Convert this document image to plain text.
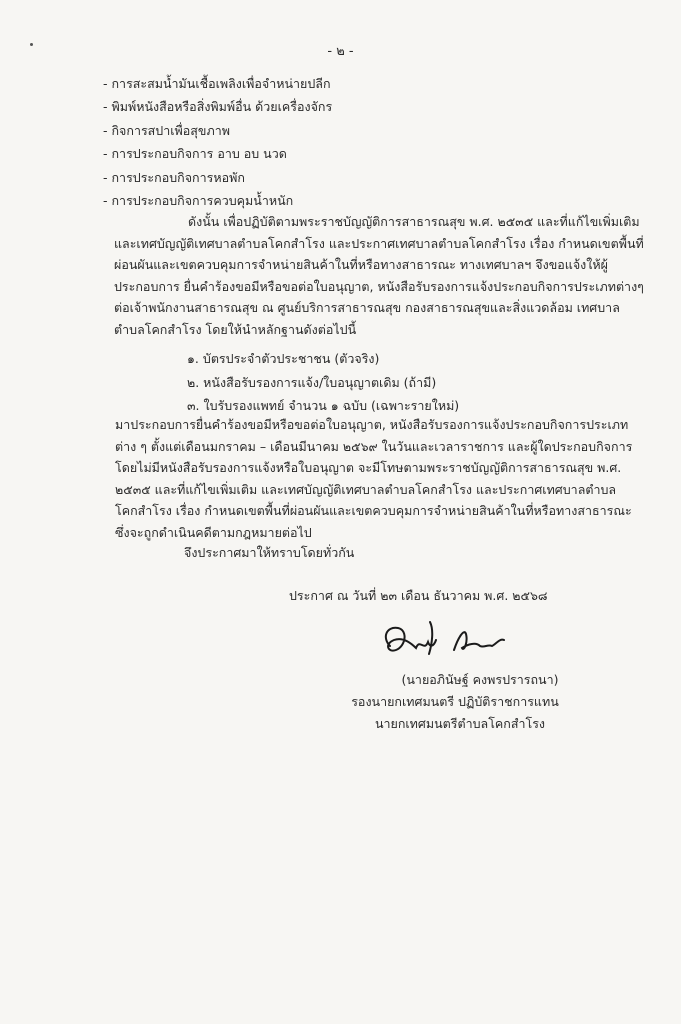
- ๒ -
- การสะสมน้ำมันเชื้อเพลิงเพื่อจำหน่ายปลีก
- พิมพ์หนังสือหรือสิ่งพิมพ์อื่น ด้วยเครื่องจักร
- กิจการสปาเพื่อสุขภาพ
- การประกอบกิจการ อาบ อบ นวด
- การประกอบกิจการหอพัก
- การประกอบกิจการควบคุมน้ำหนัก

ดังนั้น เพื่อปฏิบัติตามพระราชบัญญัติการสาธารณสุข พ.ศ. ๒๕๓๕ และที่แก้ไขเพิ่มเติม และเทศบัญญัติเทศบาลตำบลโคกสำโรง และประกาศเทศบาลตำบลโคกสำโรง เรื่อง กำหนดเขตพื้นที่ผ่อนผันและเขตควบคุมการจำหน่ายสินค้าในที่หรือทางสาธารณะ ทางเทศบาลฯ จึงขอแจ้งให้ผู้ประกอบการ ยื่นคำร้องขอมีหรือขอต่อใบอนุญาต, หนังสือรับรองการแจ้งประกอบกิจการประเภทต่างๆ ต่อเจ้าพนักงานสาธารณสุข ณ ศูนย์บริการสาธารณสุข กองสาธารณสุขและสิ่งแวดล้อม เทศบาลตำบลโคกสำโรง โดยให้นำหลักฐานดังต่อไปนี้

๑. บัตรประจำตัวประชาชน (ตัวจริง)
๒. หนังสือรับรองการแจ้ง/ใบอนุญาตเดิม (ถ้ามี)
๓. ใบรับรองแพทย์ จำนวน ๑ ฉบับ (เฉพาะรายใหม่)

มาประกอบการยื่นคำร้องขอมีหรือขอต่อใบอนุญาต, หนังสือรับรองการแจ้งประกอบกิจการประเภทต่าง ๆ ตั้งแต่เดือนมกราคม – เดือนมีนาคม ๒๕๖๙ ในวันและเวลาราชการ และผู้ใดประกอบกิจการโดยไม่มีหนังสือรับรองการแจ้งหรือใบอนุญาต จะมีโทษตามพระราชบัญญัติการสาธารณสุข พ.ศ. ๒๕๓๕ และที่แก้ไขเพิ่มเติม และเทศบัญญัติเทศบาลตำบลโคกสำโรง และประกาศเทศบาลตำบลโคกสำโรง เรื่อง กำหนดเขตพื้นที่ผ่อนผันและเขตควบคุมการจำหน่ายสินค้าในที่หรือทางสาธารณะ ซึ่งจะถูกดำเนินคดีตามกฎหมายต่อไป

จึงประกาศมาให้ทราบโดยทั่วกัน
ประกาศ ณ วันที่ ๒๓ เดือน ธันวาคม พ.ศ. ๒๕๖๘
(นายอภินัษฐ์ คงพรปรารถนา)
รองนายกเทศมนตรี ปฏิบัติราชการแทน
นายกเทศมนตรีตำบลโคกสำโรง
